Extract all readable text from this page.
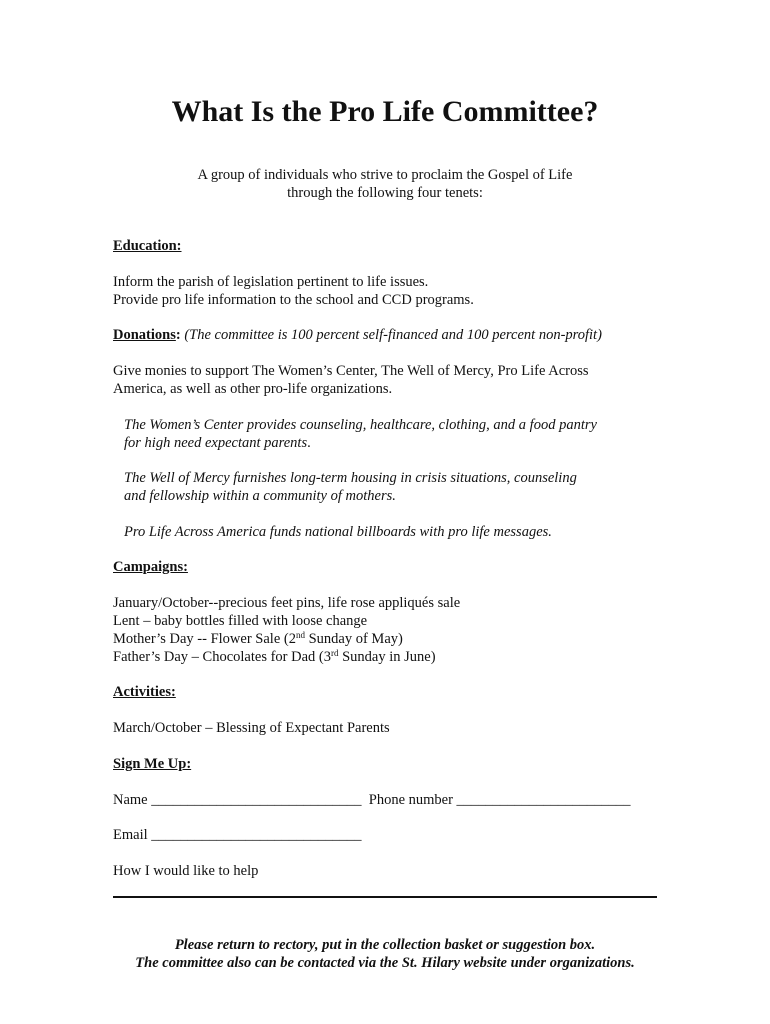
What Is the Pro Life Committee?
A group of individuals who strive to proclaim the Gospel of Life
through the following four tenets:
Education:
Inform the parish of legislation pertinent to life issues.
Provide pro life information to the school and CCD programs.
Donations: (The committee is 100 percent self-financed and 100 percent non-profit)
Give monies to support The Women’s Center, The Well of Mercy, Pro Life Across
America, as well as other pro-life organizations.
The Women’s Center provides counseling, healthcare, clothing, and a food pantry
for high need expectant parents.
The Well of Mercy furnishes long-term housing in crisis situations, counseling
and fellowship within a community of mothers.
Pro Life Across America funds national billboards with pro life messages.
Campaigns:
January/October--precious feet pins, life rose appliqués sale
Lent – baby bottles filled with loose change
Mother’s Day -- Flower Sale (2nd Sunday of May)
Father’s Day – Chocolates for Dad (3rd Sunday in June)
Activities:
March/October – Blessing of Expectant Parents
Sign Me Up:
Name _____________________________ Phone number ________________________
Email _____________________________
How I would like to help
Please return to rectory, put in the collection basket or suggestion box.
The committee also can be contacted via the St. Hilary website under organizations.
